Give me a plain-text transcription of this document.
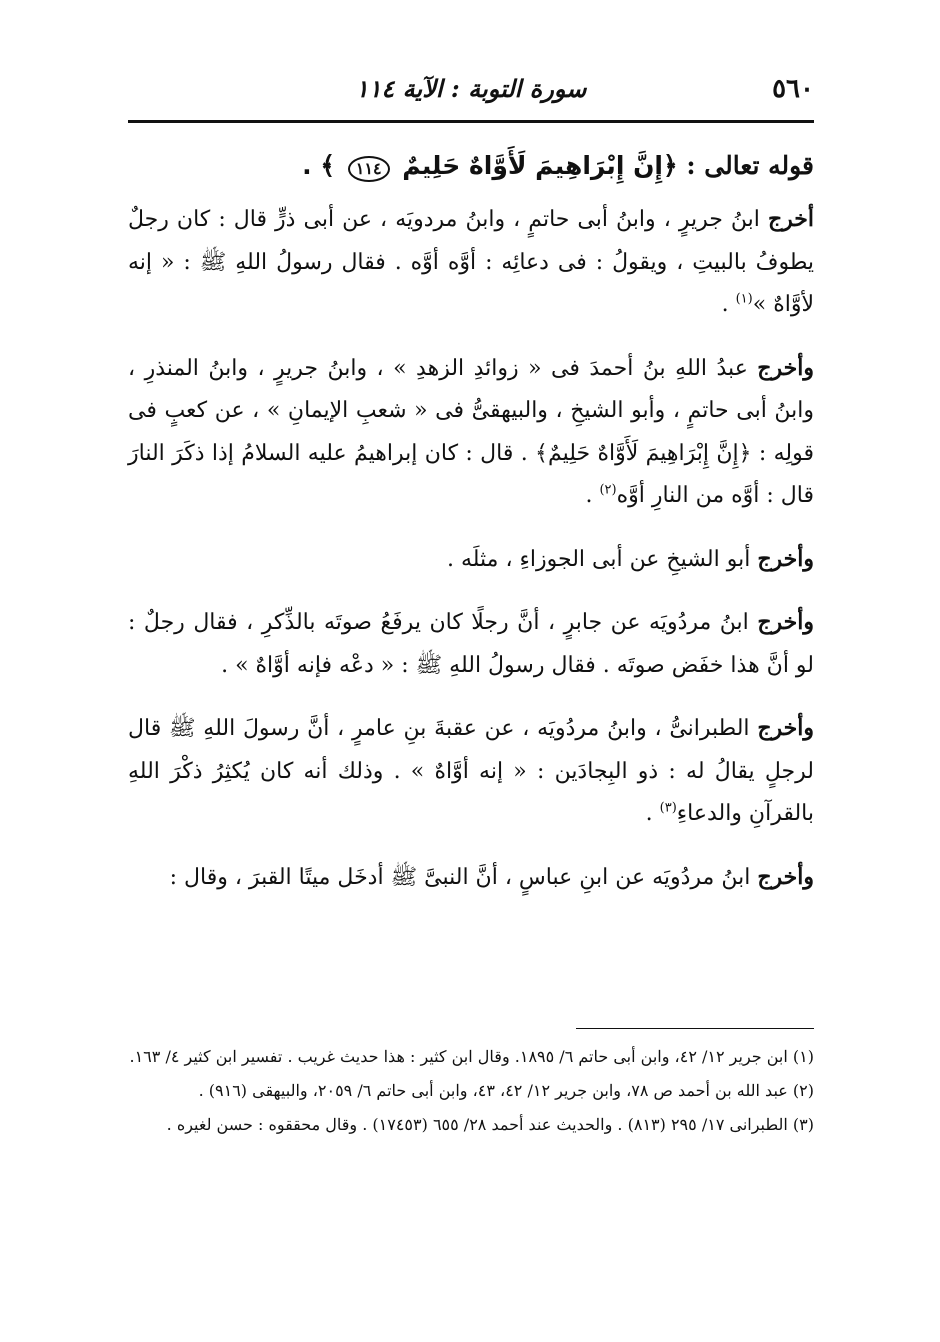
٥٦٠
سورة التوبة : الآية ١١٤

قوله تعالى : ﴿إِنَّ إِبْرَاهِيمَ لَأَوَّاهٌ حَلِيمٌ ١١٤ ﴾ .

أخرج ابنُ جريرٍ ، وابنُ أبى حاتمٍ ، وابنُ مردويَه ، عن أبى ذرٍّ قال : كان رجلٌ يطوفُ بالبيتِ ، ويقولُ : فى دعائِه : أوَّه أوَّه . فقال رسولُ اللهِ ﷺ : « إنه لأوَّاهٌ »$^{(١)}$ .

وأخرج عبدُ اللهِ بنُ أحمدَ فى « زوائدِ الزهدِ » ، وابنُ جريرٍ ، وابنُ المنذرِ ، وابنُ أبى حاتمٍ ، وأبو الشيخِ ، والبيهقىُّ فى « شعبِ الإيمانِ » ، عن كعبٍ فى قولِه : ﴿إِنَّ إِبْرَاهِيمَ لَأَوَّاهٌ حَلِيمٌ﴾ . قال : كان إبراهيمُ عليه السلامُ إذا ذكَرَ النارَ قال : أوَّه من النارِ أوَّه$^{(٢)}$ .

وأخرج أبو الشيخِ عن أبى الجوزاءِ ، مثلَه .

وأخرج ابنُ مردُويَه عن جابرٍ ، أنَّ رجلًا كان يرفَعُ صوتَه بالذِّكرِ ، فقال رجلٌ : لو أنَّ هذا خفَض صوتَه . فقال رسولُ اللهِ ﷺ : « دعْه فإنه أوَّاهٌ » .

وأخرج الطبرانىُّ ، وابنُ مردُويَه ، عن عقبةَ بنِ عامرٍ ، أنَّ رسولَ اللهِ ﷺ قال لرجلٍ يقالُ له : ذو البِجادَين : « إنه أوَّاهٌ » . وذلك أنه كان يُكثِرُ ذكْرَ اللهِ بالقرآنِ والدعاءِ$^{(٣)}$ .

وأخرج ابنُ مردُويَه عن ابنِ عباسٍ ، أنَّ النبىَّ ﷺ أدخَل ميتًا القبرَ ، وقال :

(١) ابن جرير ١٢/ ٤٢، وابن أبى حاتم ٦/ ١٨٩٥. وقال ابن كثير : هذا حديث غريب . تفسير ابن كثير ٤/ ١٦٣.

(٢) عبد الله بن أحمد ص ٧٨، وابن جرير ١٢/ ٤٢، ٤٣، وابن أبى حاتم ٦/ ٢٠٥٩، والبيهقى (٩١٦) .

(٣) الطبرانى ١٧/ ٢٩٥ (٨١٣) . والحديث عند أحمد ٢٨/ ٦٥٥ (١٧٤٥٣) . وقال محققوه : حسن لغيره .
